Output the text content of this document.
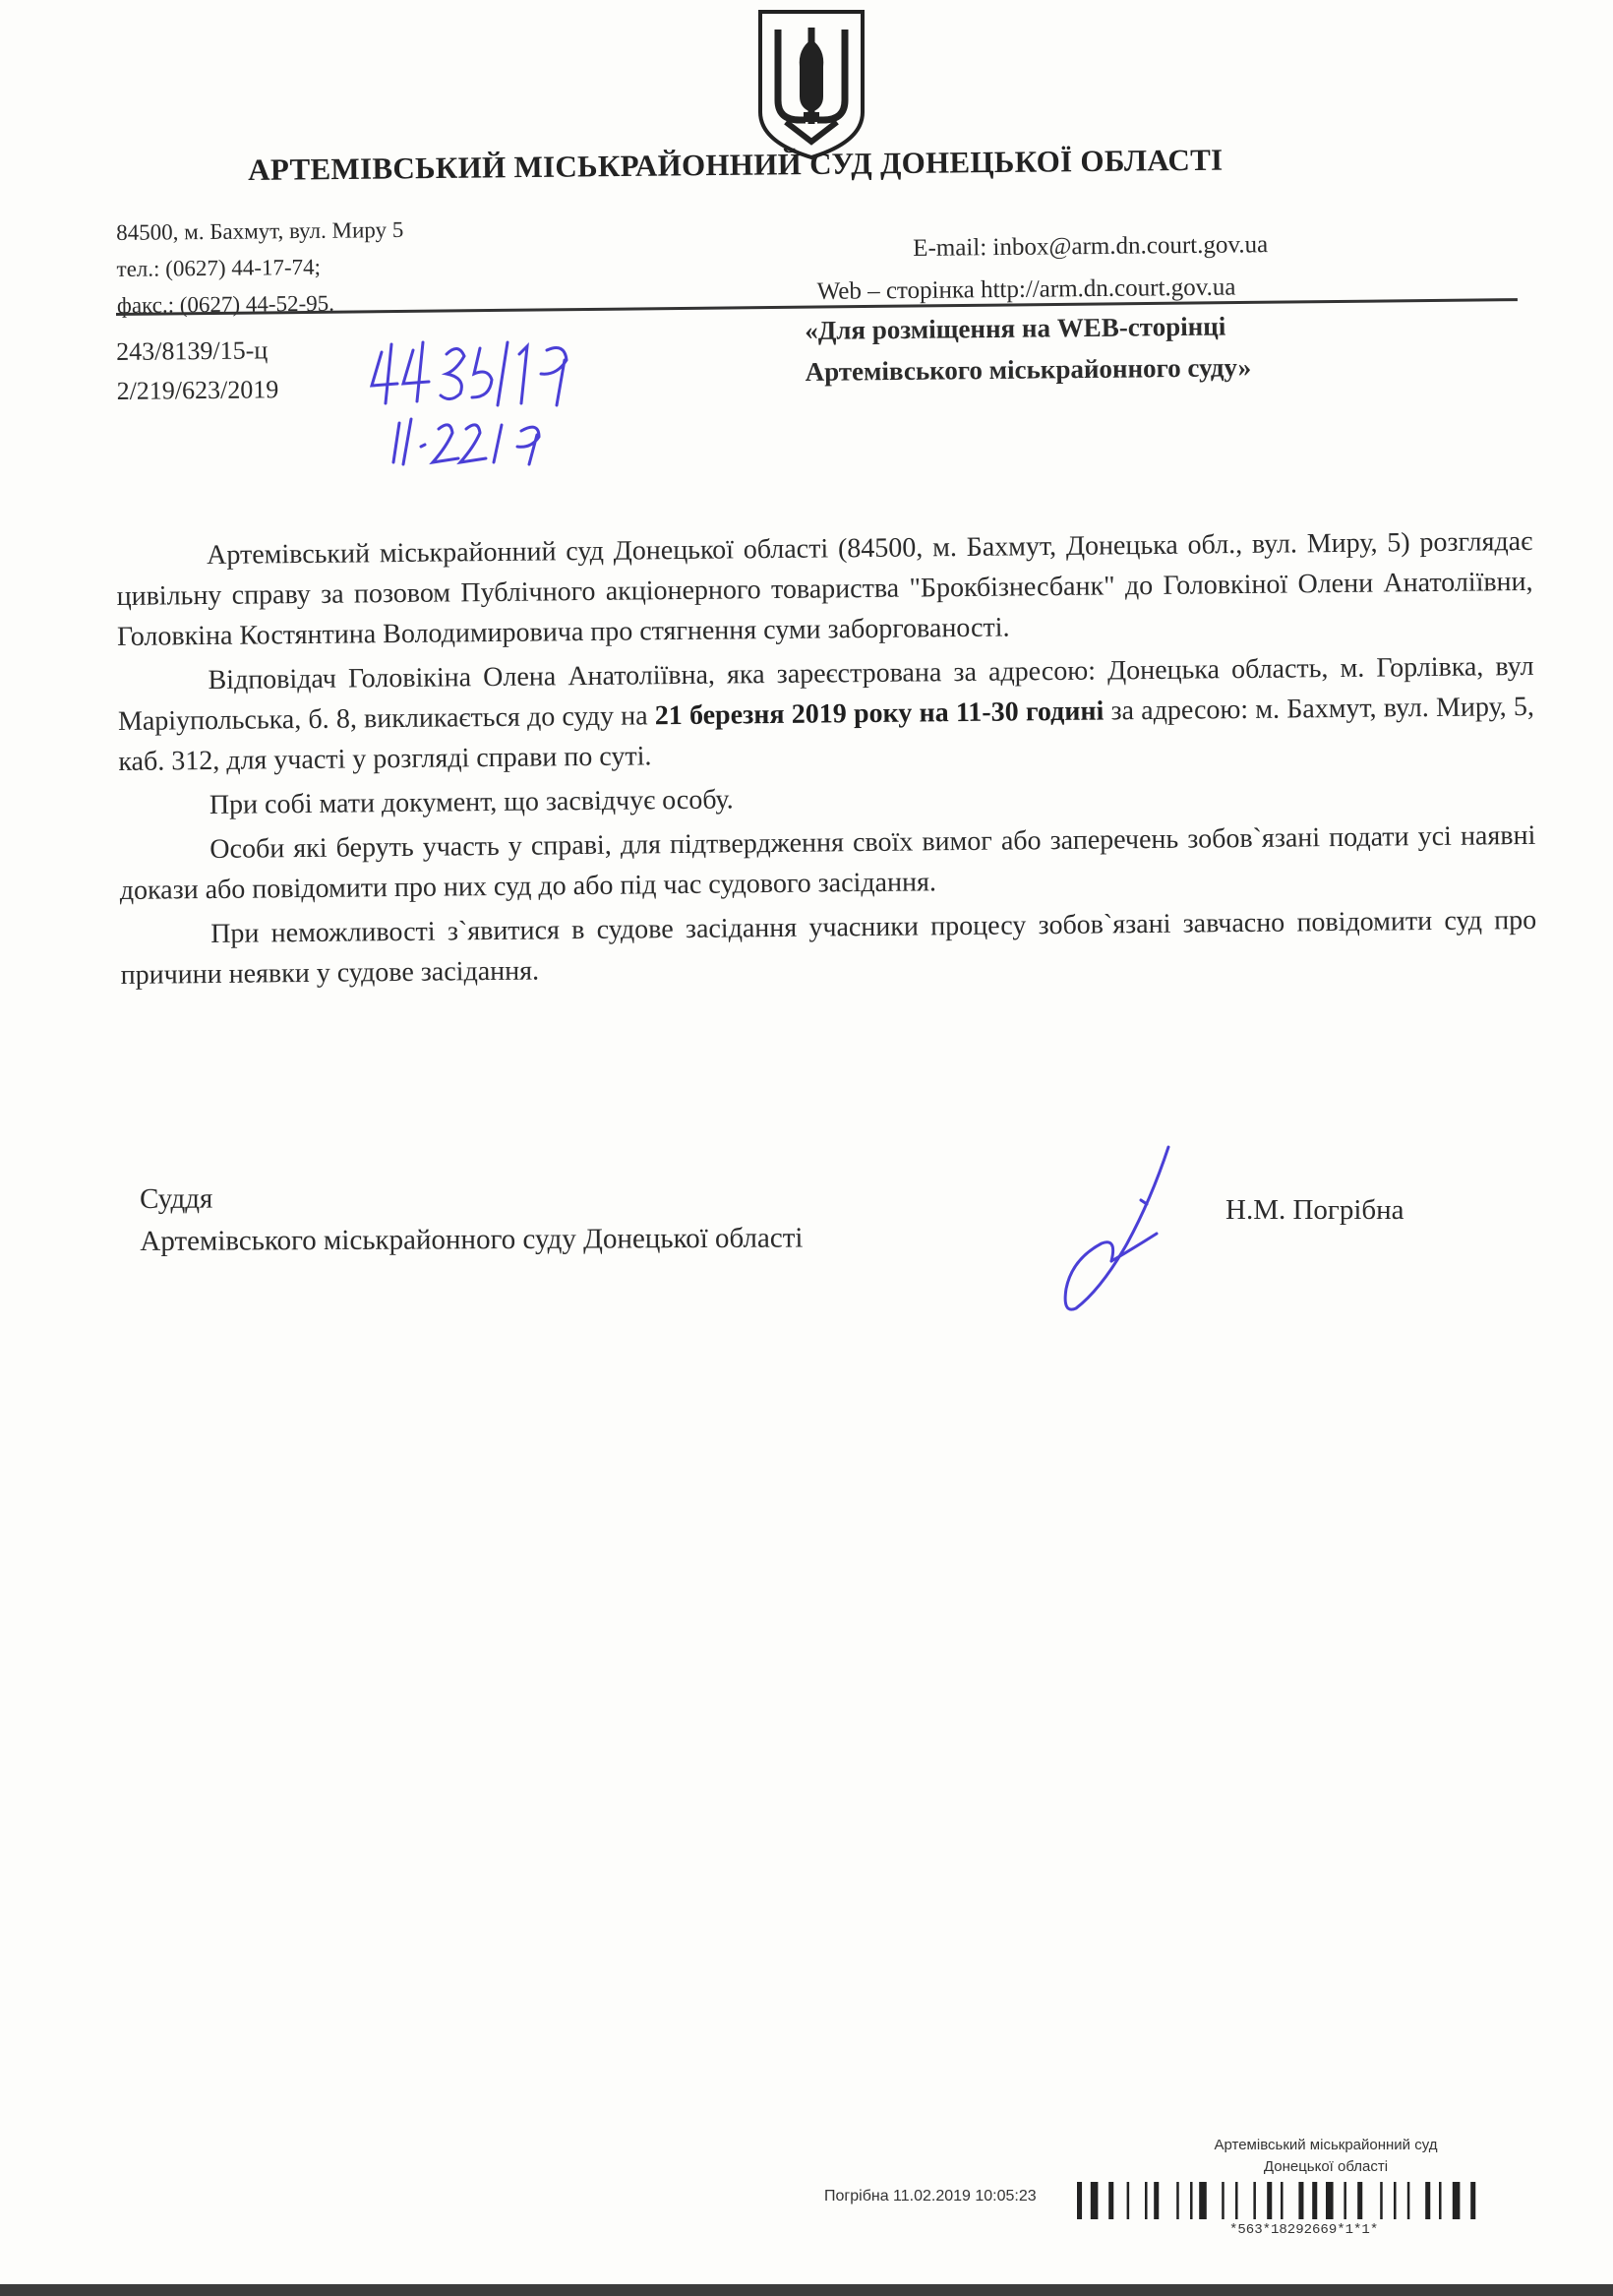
АРТЕМІВСЬКИЙ МІСЬКРАЙОННИЙ СУД ДОНЕЦЬКОЇ ОБЛАСТІ
84500, м. Бахмут, вул. Миру 5
тел.: (0627) 44-17-74;
факс.: (0627) 44-52-95.
E-mail: inbox@arm.dn.court.gov.ua
Web – сторінка http://arm.dn.court.gov.ua
243/8139/15-ц
2/219/623/2019
«Для розміщення на WEB-сторінці
Артемівського міськрайонного суду»

Артемівський міськрайонний суд Донецької області (84500, м. Бахмут, Донецька обл., вул. Миру, 5) розглядає цивільну справу за позовом Публічного акціонерного товариства "Брокбізнесбанк" до Головкіної Олени Анатоліївни, Головкіна Костянтина Володимировича про стягнення суми заборгованості.

Відповідач Головікіна Олена Анатоліївна, яка зареєстрована за адресою: Донецька область, м. Горлівка, вул Маріупольська, б. 8, викликається до суду на 21 березня 2019 року на 11-30 годині за адресою: м. Бахмут, вул. Миру, 5, каб. 312, для участі у розгляді справи по суті.

При собі мати документ, що засвідчує особу.

Особи які беруть участь у справі, для підтвердження своїх вимог або заперечень зобов`язані подати усі наявні докази або повідомити про них суд до або під час судового засідання.

При неможливості з`явитися в судове засідання учасники процесу зобов`язані завчасно повідомити суд про причини неявки у судове засідання.

Суддя
Артемівського міськрайонного суду Донецької області
Н.М. Погрібна
Артемівський міськрайонний суд
Донецької області
Погрібна 11.02.2019 10:05:23
*563*18292669*1*1*
